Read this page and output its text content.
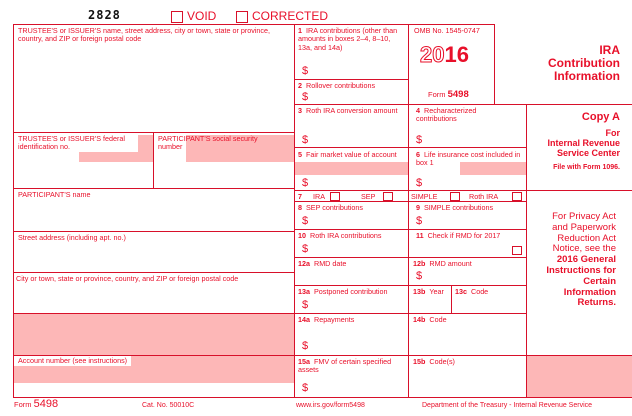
2828	VOID	CORRECTED
TRUSTEE'S or ISSUER'S name, street address, city or town, state or province, country, and ZIP or foreign postal code
TRUSTEE'S or ISSUER'S federal identification no.
PARTICIPANT'S social security number
PARTICIPANT'S name
Street address (including apt. no.)
City or town, state or province, country, and ZIP or foreign postal code
Account number (see instructions)
1 IRA contributions (other than amounts in boxes 2–4, 8–10, 13a, and 14a)
$
OMB No. 1545-0747
2016
Form 5498
IRA
Contribution
Information
2 Rollover contributions
$
3 Roth IRA conversion amount
$
4 Recharacterized contributions
$
Copy A
For
Internal Revenue
Service Center
File with Form 1096.
5 Fair market value of account
$
6 Life insurance cost included in box 1
$
7 IRA	SEP	SIMPLE	Roth IRA
8 SEP contributions
$
9 SIMPLE contributions
$	For Privacy Act
and Paperwork
Reduction Act
Notice, see the
2016 General
Instructions for
Certain
Information
Returns.
10 Roth IRA contributions
$
11 Check if RMD for 2017
12a RMD date	12b RMD amount
$
13a Postponed contribution
$
13b Year 13c Code
14a Repayments
$
14b Code
15a FMV of certain specified assets
$
15b Code(s)
Form 5498	Cat. No. 50010C	www.irs.gov/form5498	Department of the Treasury - Internal Revenue Service
